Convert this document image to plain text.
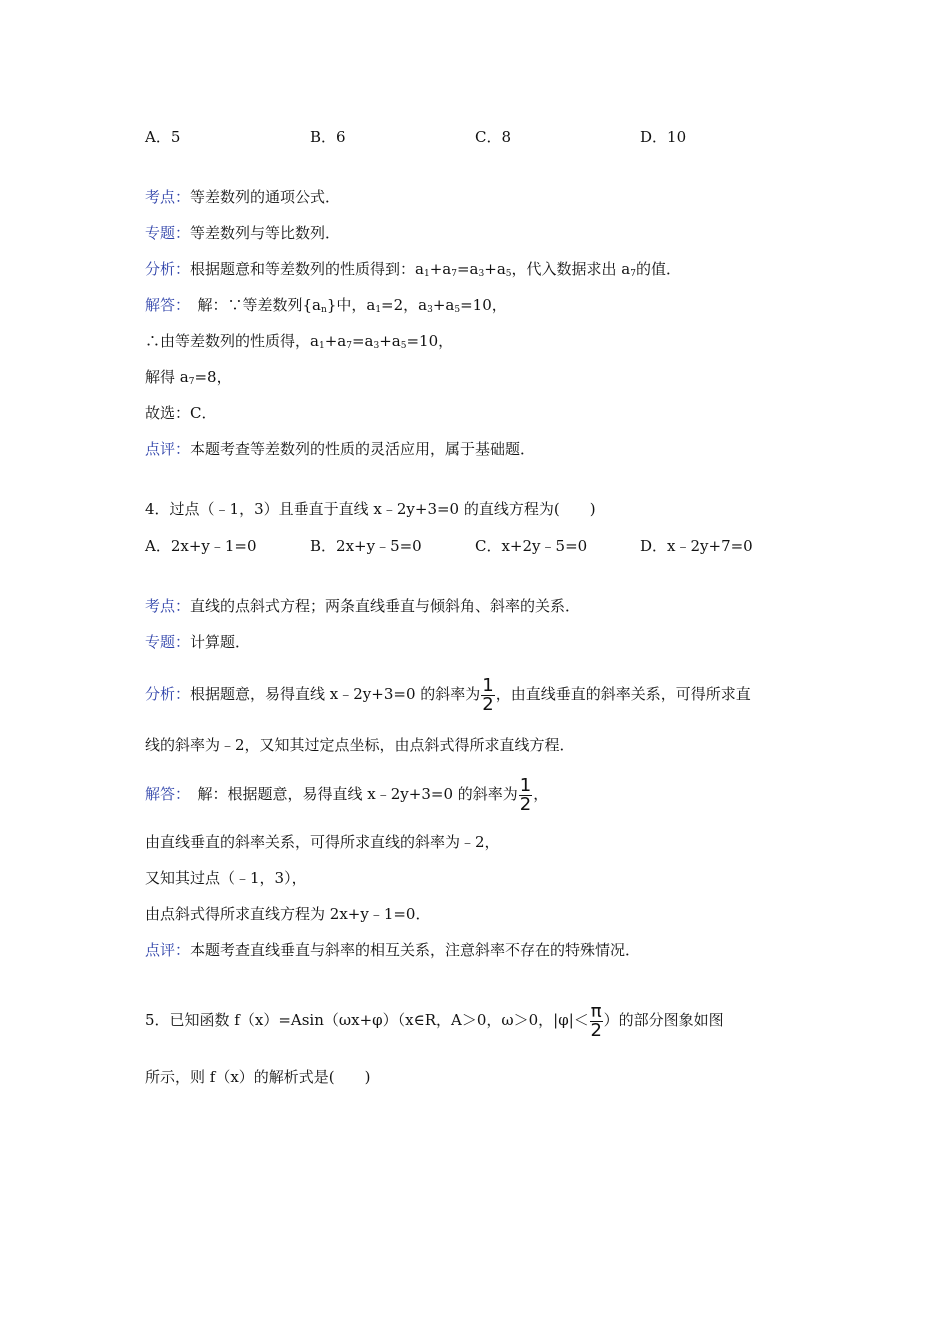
A．5	B．6	C．8	D．10
考点：等差数列的通项公式．
专题：等差数列与等比数列．
分析：根据题意和等差数列的性质得到：$a_1+a_7=a_3+a_5$，代入数据求出 $a_7$的值．
解答：　解：∵等差数列$\{a_n\}$中，$a_1=2$，$a_3+a_5=10$，
∴由等差数列的性质得，$a_1+a_7=a_3+a_5=10$，
解得 $a_7=8$，
故选：C．
点评：本题考查等差数列的性质的灵活应用，属于基础题．
4．过点（﹣1，3）且垂直于直线 x﹣2y+3=0 的直线方程为(　　)
A．2x+y﹣1=0	B．2x+y﹣5=0	C．x+2y﹣5=0	D．x﹣2y+7=0
考点：直线的点斜式方程；两条直线垂直与倾斜角、斜率的关系．
专题：计算题．
分析：根据题意，易得直线 x﹣2y+3=0 的斜率为 $\frac{1}{2}$ ，由直线垂直的斜率关系，可得所求直
线的斜率为﹣2，又知其过定点坐标，由点斜式得所求直线方程．
解答：　解：根据题意，易得直线 x﹣2y+3=0 的斜率为 $\frac{1}{2}$ ，
由直线垂直的斜率关系，可得所求直线的斜率为﹣2，
又知其过点（﹣1，3），
由点斜式得所求直线方程为 2x+y﹣1=0．
点评：本题考查直线垂直与斜率的相互关系，注意斜率不存在的特殊情况．
5．已知函数 f（x）=Asin（ωx+φ）（x∈R，A＞0，ω＞0，$|\varphi|< \frac{\pi}{2}$ ）的部分图象如图
所示，则 f（x）的解析式是(　　)
